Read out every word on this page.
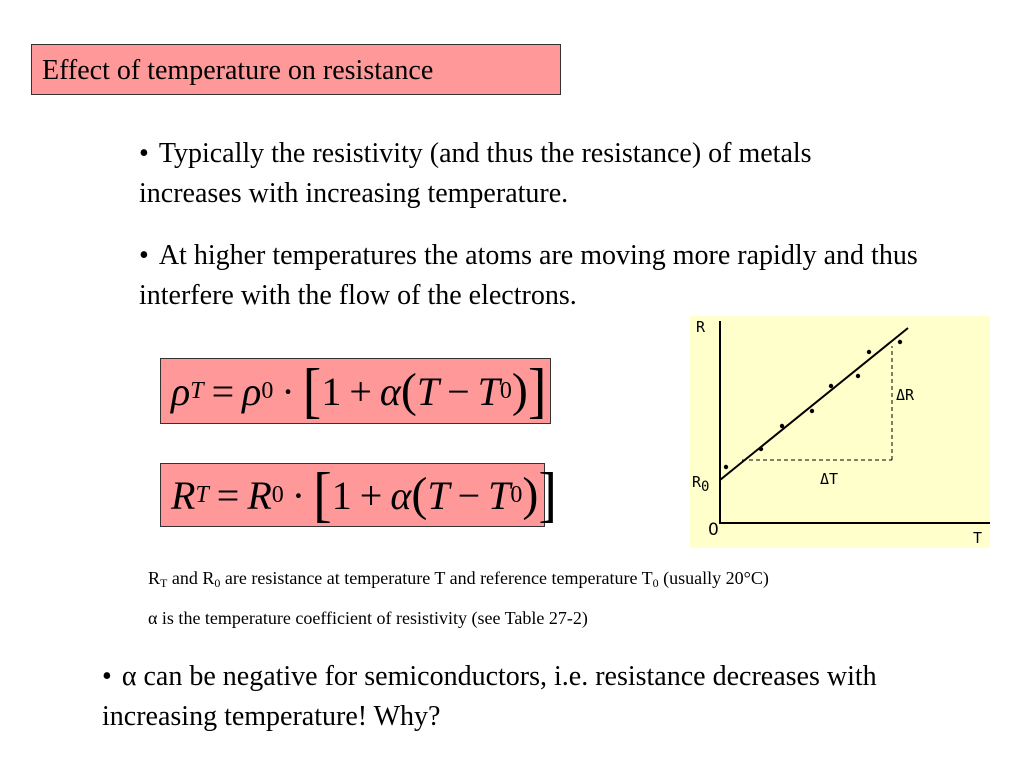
Effect of temperature on resistance
• Typically the resistivity (and thus the resistance) of metals increases with increasing temperature.
• At higher temperatures the atoms are moving more rapidly and thus interfere with the flow of the electrons.
ρ T = ρ 0 · [ 1 + α ( T − T 0 ) ]
R T = R 0 · [ 1 + α ( T − T 0 ) ]
R
T
0
R0
ΔR
ΔT
$R_T$ and $R_0$ are resistance at temperature T and reference temperature $T_0$ (usually 20°C)
α is the temperature coefficient of resistivity (see Table 27-2)
• α can be negative for semiconductors, i.e. resistance decreases with increasing temperature! Why?
